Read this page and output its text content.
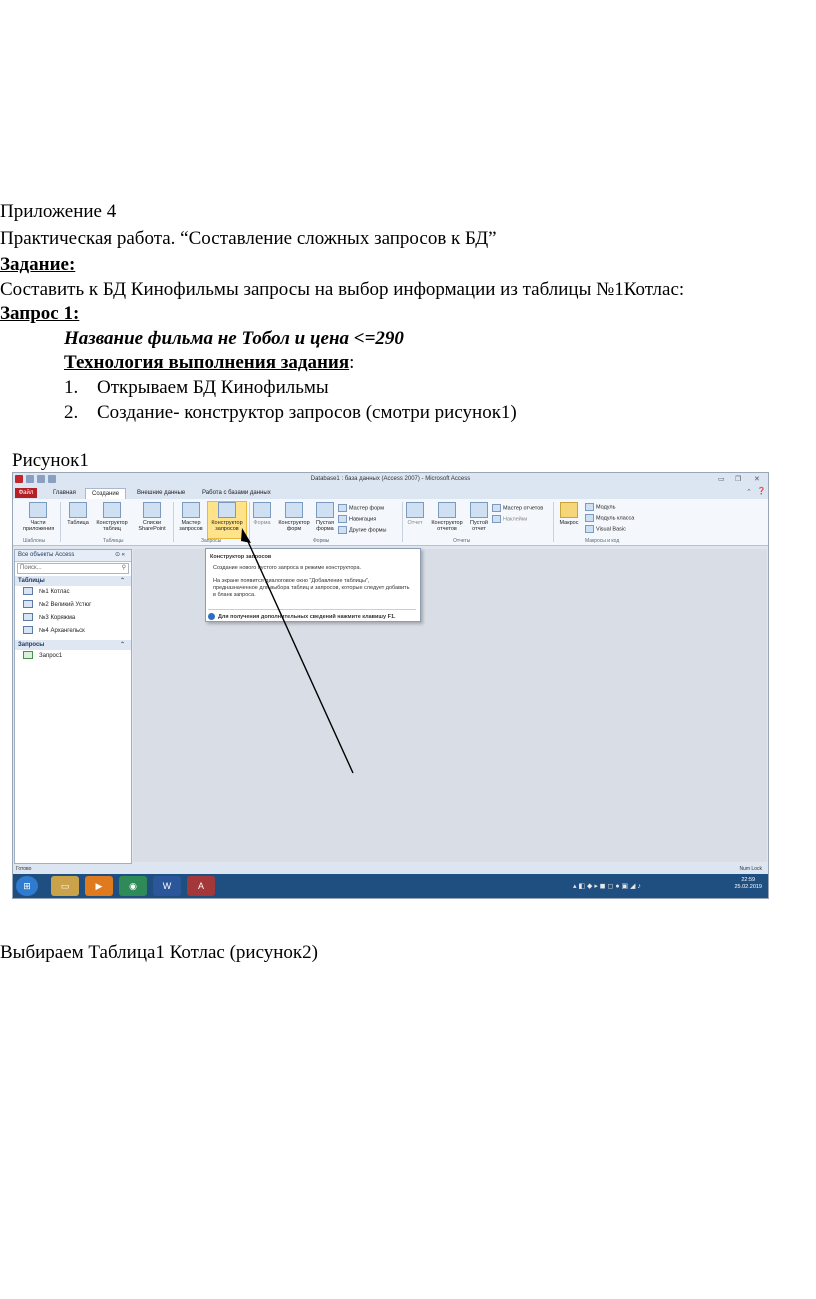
Приложение 4
Практическая работа. “Составление сложных запросов к БД”
Задание:
Составить к БД Кинофильмы запросы на выбор информации из таблицы №1Котлас:
Запрос 1:
Название фильма не Тобол и цена <=290
Технология выполнения задания:
1. Открываем БД Кинофильмы
2. Создание- конструктор запросов (смотри рисунок1)
Рисунок1
Выбираем Таблица1 Котлас (рисунок2)
Database1 : база данных (Access 2007) - Microsoft Access	▭ ❐ ✕
Файл	Главная	Создание	Внешние данные	Работа с базами данных	⌃ ❓
Части приложения
Таблица	Конструктор таблиц
Списки SharePoint
Мастер запросов
Конструктор запросов
Форма	Конструктор форм
Пустая форма
Мастер форм
Навигация
Другие формы
Отчет	Конструктор отчетов
Пустой отчет
Мастер отчетов
Наклейки
Макрос
Модуль
Модуль класса
Visual Basic
Шаблоны	Таблицы	Запросы	Формы	Отчеты	Макросы и код
Все объекты Access	⊙ «
Поиск...	⚲
Таблицы	⌃
№1 Котлас
№2 Великий Устюг
№3 Коряжма
№4 Архангельск
Запросы	⌃
Запрос1
Конструктор запросов
Создание нового пустого запроса в режиме конструктора.
На экране появится диалоговое окно "Добавление таблицы", предназначенное для выбора таблиц и запросов, которые следует добавить в бланк запроса.
Для получения дополнительных сведений нажмите клавишу F1.
Готово	Num Lock
⊞	▭	▶	◉	W	A	▴ ◧ ◆ ▸ ◼ ◻ ● ▣ ◢ ♪
22:59
25.02.2019
